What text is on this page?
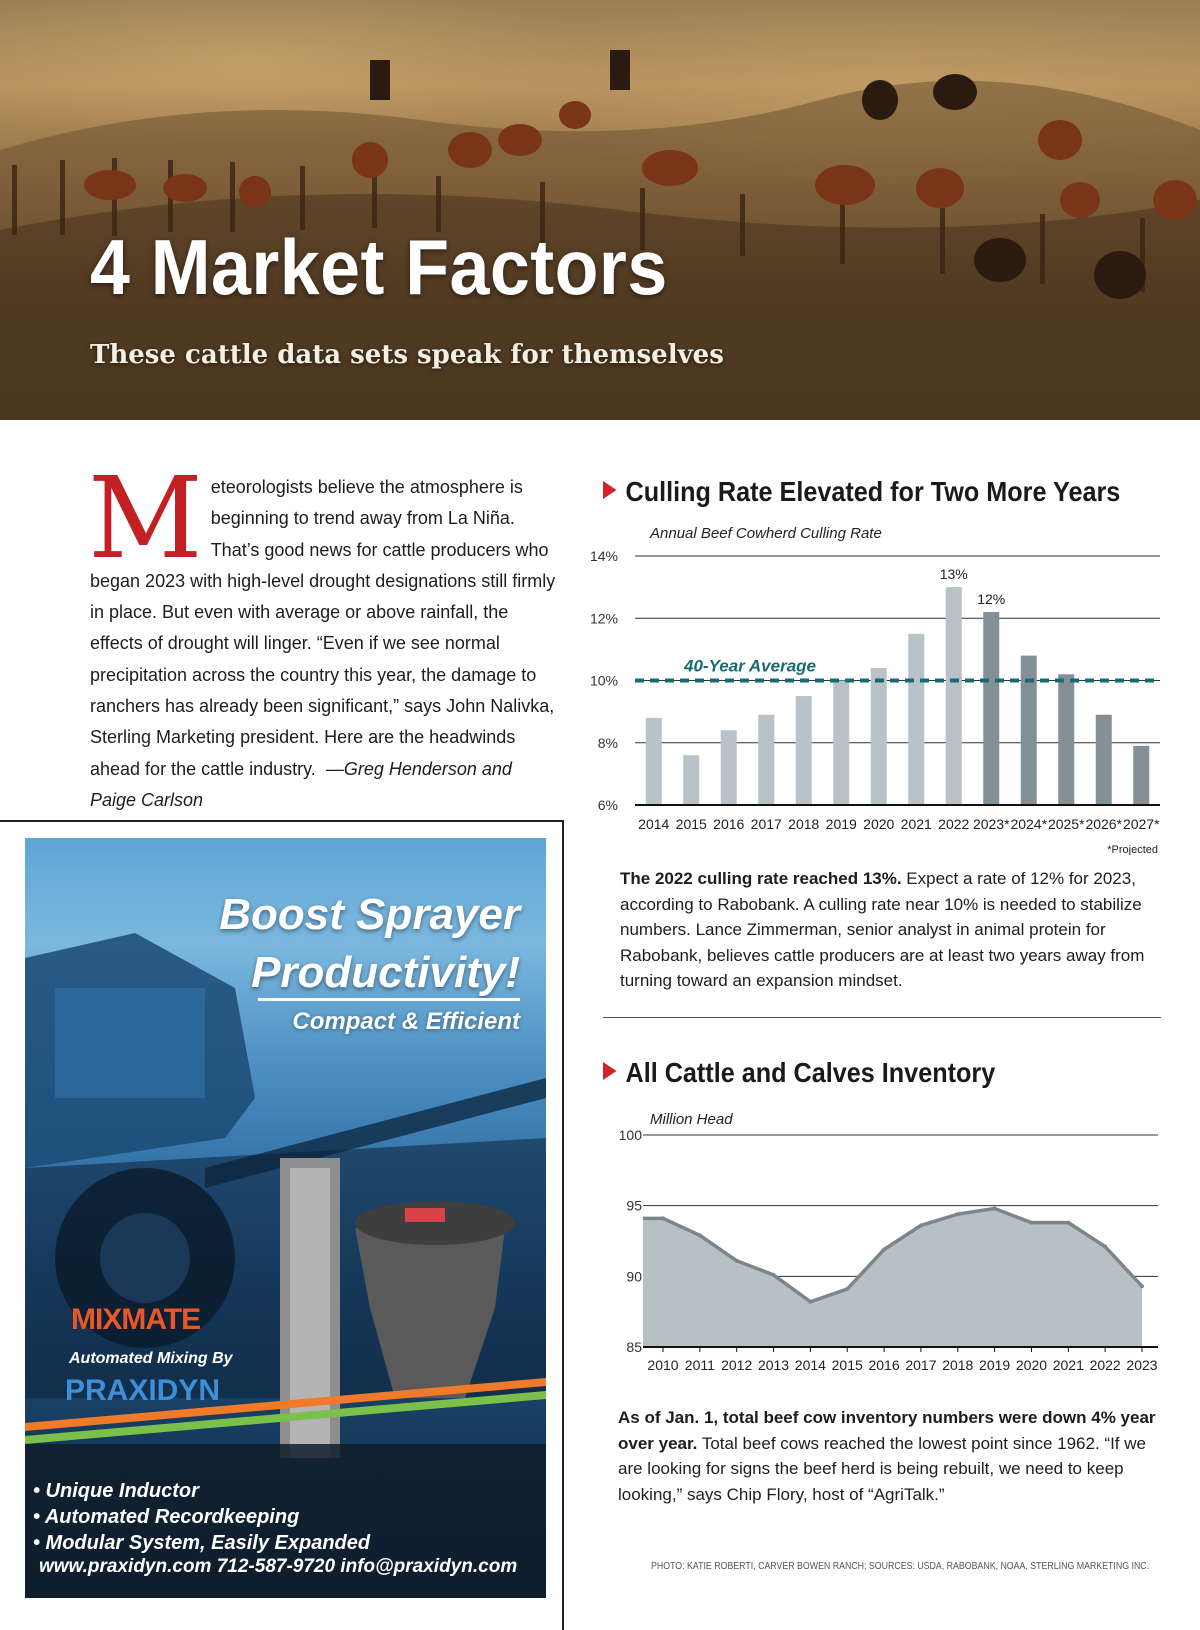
4 Market Factors

These cattle data sets speak for themselves

Meteorologists believe the atmosphere is beginning to trend away from La Niña. That’s good news for cattle producers who began 2023 with high-level drought designations still firmly in place. But even with average or above rainfall, the effects of drought will linger. “Even if we see normal precipitation across the country this year, the damage to ranchers has already been significant,” says John Nalivka, Sterling Marketing president. Here are the headwinds ahead for the cattle industry. —Greg Henderson and Paige Carlson
Culling Rate Elevated for Two More Years
Annual Beef Cowherd Culling Rate
6%
8%
10%
12%
14%
2014 2015 2016 2017 2018 2019 2020 2021 2022
13%
2023*
12%
2024* 2025* 2026* 2027*
40-Year Average
*Projected
The 2022 culling rate reached 13%. Expect a rate of 12% for 2023, according to Rabobank. A culling rate near 10% is needed to stabilize numbers. Lance Zimmerman, senior analyst in animal protein for Rabobank, believes cattle producers are at least two years away from turning toward an expansion mindset.
All Cattle and Calves Inventory
Million Head
85
90
95
100
2010 2011 2012 2013 2014 2015 2016 2017 2018 2019 2020 2021 2022 2023
As of Jan. 1, total beef cow inventory numbers were down 4% year over year. Total beef cows reached the lowest point since 1962. “If we are looking for signs the beef herd is being rebuilt, we need to keep looking,” says Chip Flory, host of “AgriTalk.”
Boost Sprayer
Productivity!
Compact & Efficient
MIXMATE
Automated Mixing By
PRAXIDYN
• Unique Inductor
• Automated Recordkeeping
• Modular System, Easily Expanded
www.praxidyn.com 712-587-9720 info@praxidyn.com	PHOTO: KATIE ROBERTI, CARVER BOWEN RANCH; SOURCES: USDA, RABOBANK, NOAA, STERLING MARKETING INC.
